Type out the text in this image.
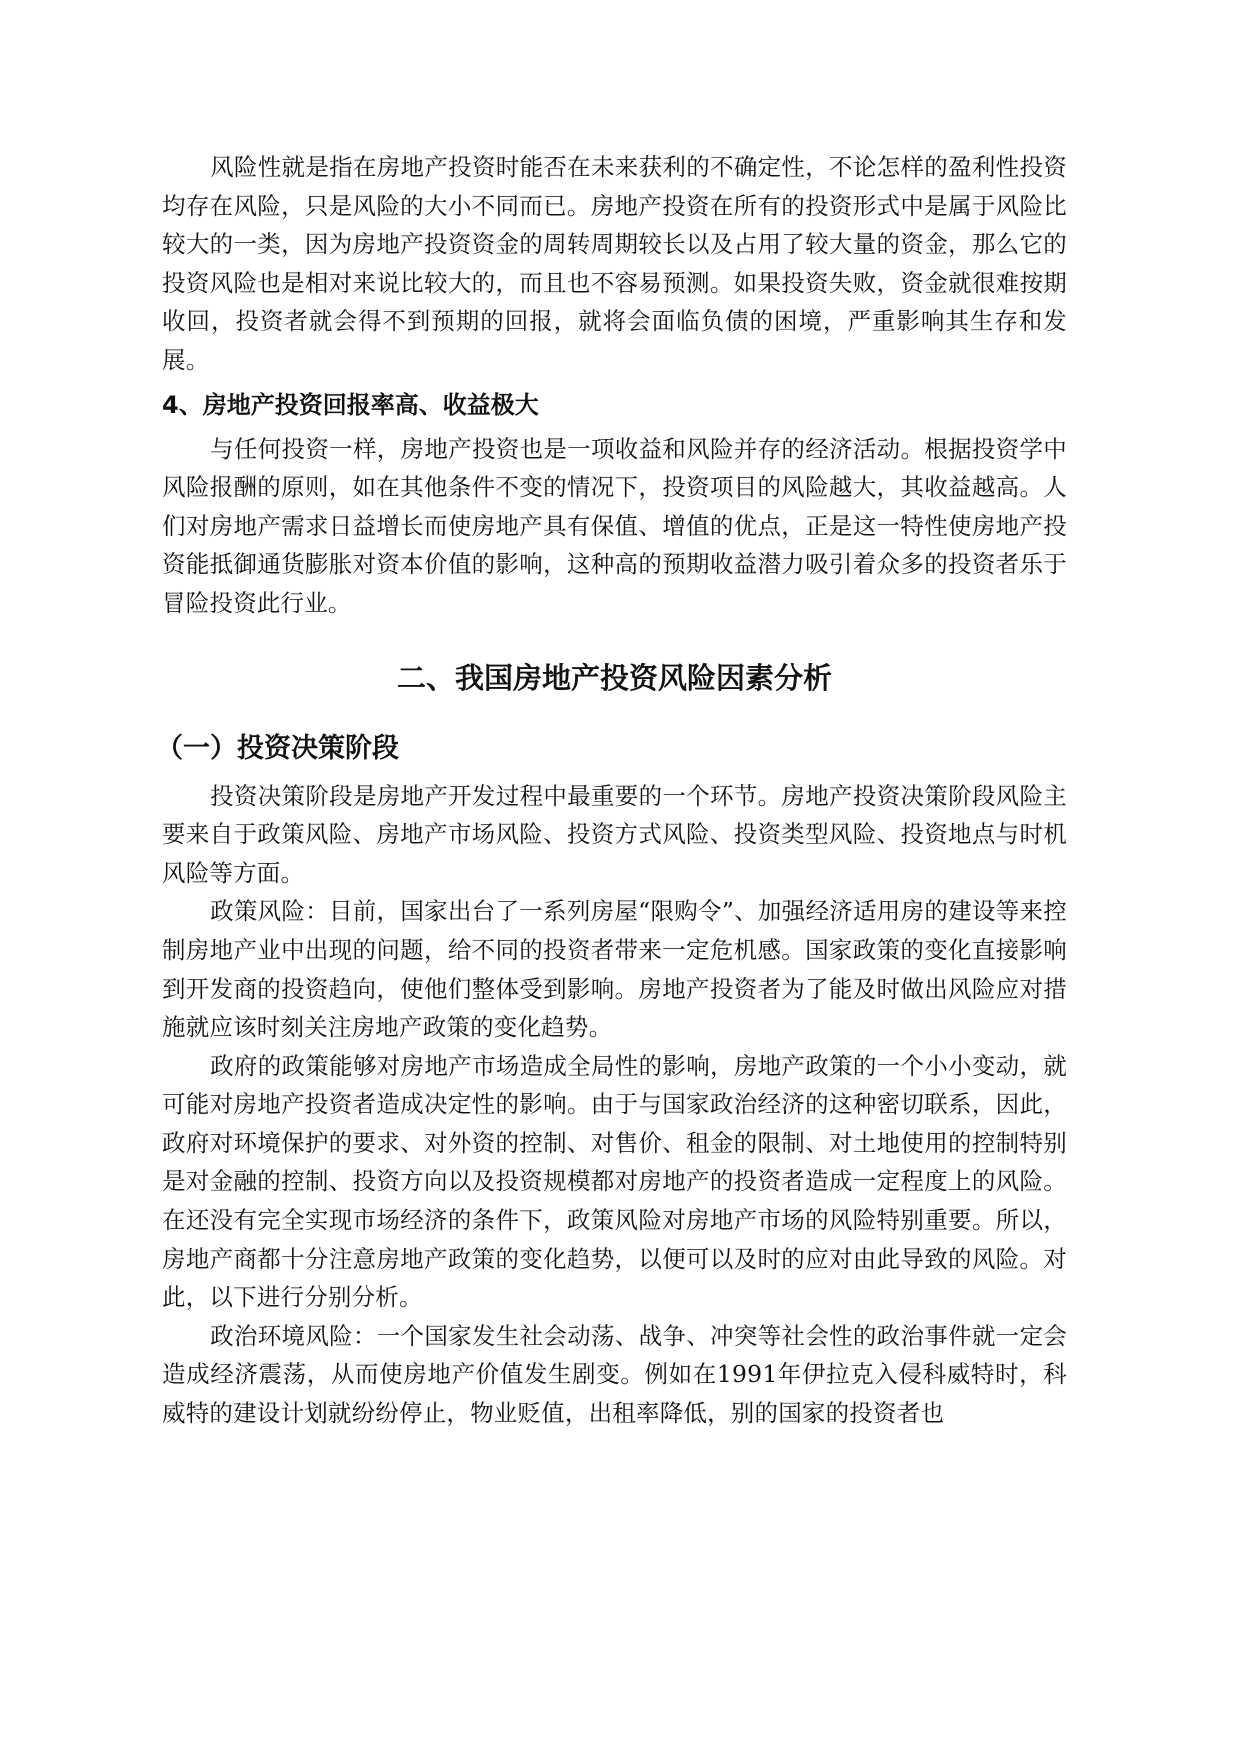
风险性就是指在房地产投资时能否在未来获利的不确定性，不论怎样的盈利性投资均存在风险，只是风险的大小不同而已。房地产投资在所有的投资形式中是属于风险比较大的一类，因为房地产投资资金的周转周期较长以及占用了较大量的资金，那么它的投资风险也是相对来说比较大的，而且也不容易预测。如果投资失败，资金就很难按期收回，投资者就会得不到预期的回报，就将会面临负债的困境，严重影响其生存和发展。

4、房地产投资回报率高、收益极大

与任何投资一样，房地产投资也是一项收益和风险并存的经济活动。根据投资学中风险报酬的原则，如在其他条件不变的情况下，投资项目的风险越大，其收益越高。人们对房地产需求日益增长而使房地产具有保值、增值的优点，正是这一特性使房地产投资能抵御通货膨胀对资本价值的影响，这种高的预期收益潜力吸引着众多的投资者乐于冒险投资此行业。

二、我国房地产投资风险因素分析
（一）投资决策阶段

投资决策阶段是房地产开发过程中最重要的一个环节。房地产投资决策阶段风险主要来自于政策风险、房地产市场风险、投资方式风险、投资类型风险、投资地点与时机风险等方面。

政策风险：目前，国家出台了一系列房屋“限购令”、加强经济适用房的建设等来控制房地产业中出现的问题，给不同的投资者带来一定危机感。国家政策的变化直接影响到开发商的投资趋向，使他们整体受到影响。房地产投资者为了能及时做出风险应对措施就应该时刻关注房地产政策的变化趋势。

政府的政策能够对房地产市场造成全局性的影响，房地产政策的一个小小变动，就可能对房地产投资者造成决定性的影响。由于与国家政治经济的这种密切联系，因此，政府对环境保护的要求、对外资的控制、对售价、租金的限制、对土地使用的控制特别是对金融的控制、投资方向以及投资规模都对房地产的投资者造成一定程度上的风险。在还没有完全实现市场经济的条件下，政策风险对房地产市场的风险特别重要。所以，房地产商都十分注意房地产政策的变化趋势，以便可以及时的应对由此导致的风险。对此，以下进行分别分析。

政治环境风险：一个国家发生社会动荡、战争、冲突等社会性的政治事件就一定会造成经济震荡，从而使房地产价值发生剧变。例如在1991年伊拉克入侵科威特时，科威特的建设计划就纷纷停止，物业贬值，出租率降低，别的国家的投资者也
